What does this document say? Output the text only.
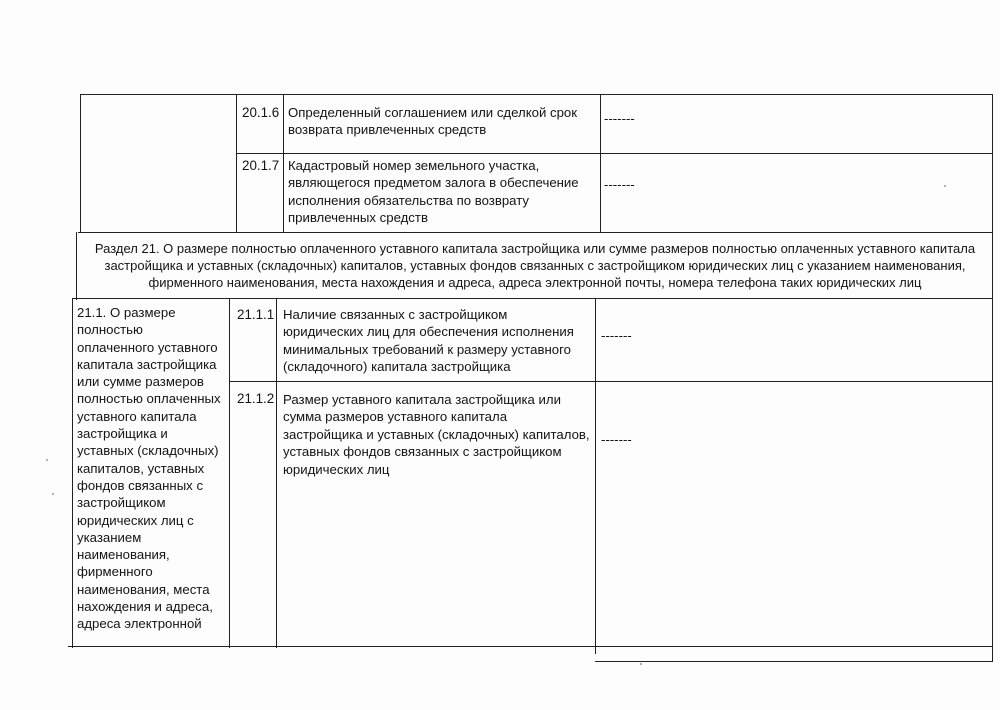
20.1.6 Определенный соглашением или сделкой срок
возврата привлеченных средств
-------
20.1.7 Кадастровый номер земельного участка,
являющегося предметом залога в обеспечение
исполнения обязательства по возврату
привлеченных средств
-------
Раздел 21. О размере полностью оплаченного уставного капитала застройщика или сумме размеров полностью оплаченных уставного капитала
застройщика и уставных (складочных) капиталов, уставных фондов связанных с застройщиком юридических лиц с указанием наименования,
фирменного наименования, места нахождения и адреса, адреса электронной почты, номера телефона таких юридических лиц
21.1. О размере
полностью
оплаченного уставного
капитала застройщика
или сумме размеров
полностью оплаченных
уставного капитала
застройщика и
уставных (складочных)
капиталов, уставных
фондов связанных с
застройщиком
юридических лиц с
указанием
наименования,
фирменного
наименования, места
нахождения и адреса,
адреса электронной
21.1.1 Наличие связанных с застройщиком
юридических лиц для обеспечения исполнения
минимальных требований к размеру уставного
(складочного) капитала застройщика
-------
21.1.2 Размер уставного капитала застройщика или
сумма размеров уставного капитала
застройщика и уставных (складочных) капиталов,
уставных фондов связанных с застройщиком
юридических лиц
-------
